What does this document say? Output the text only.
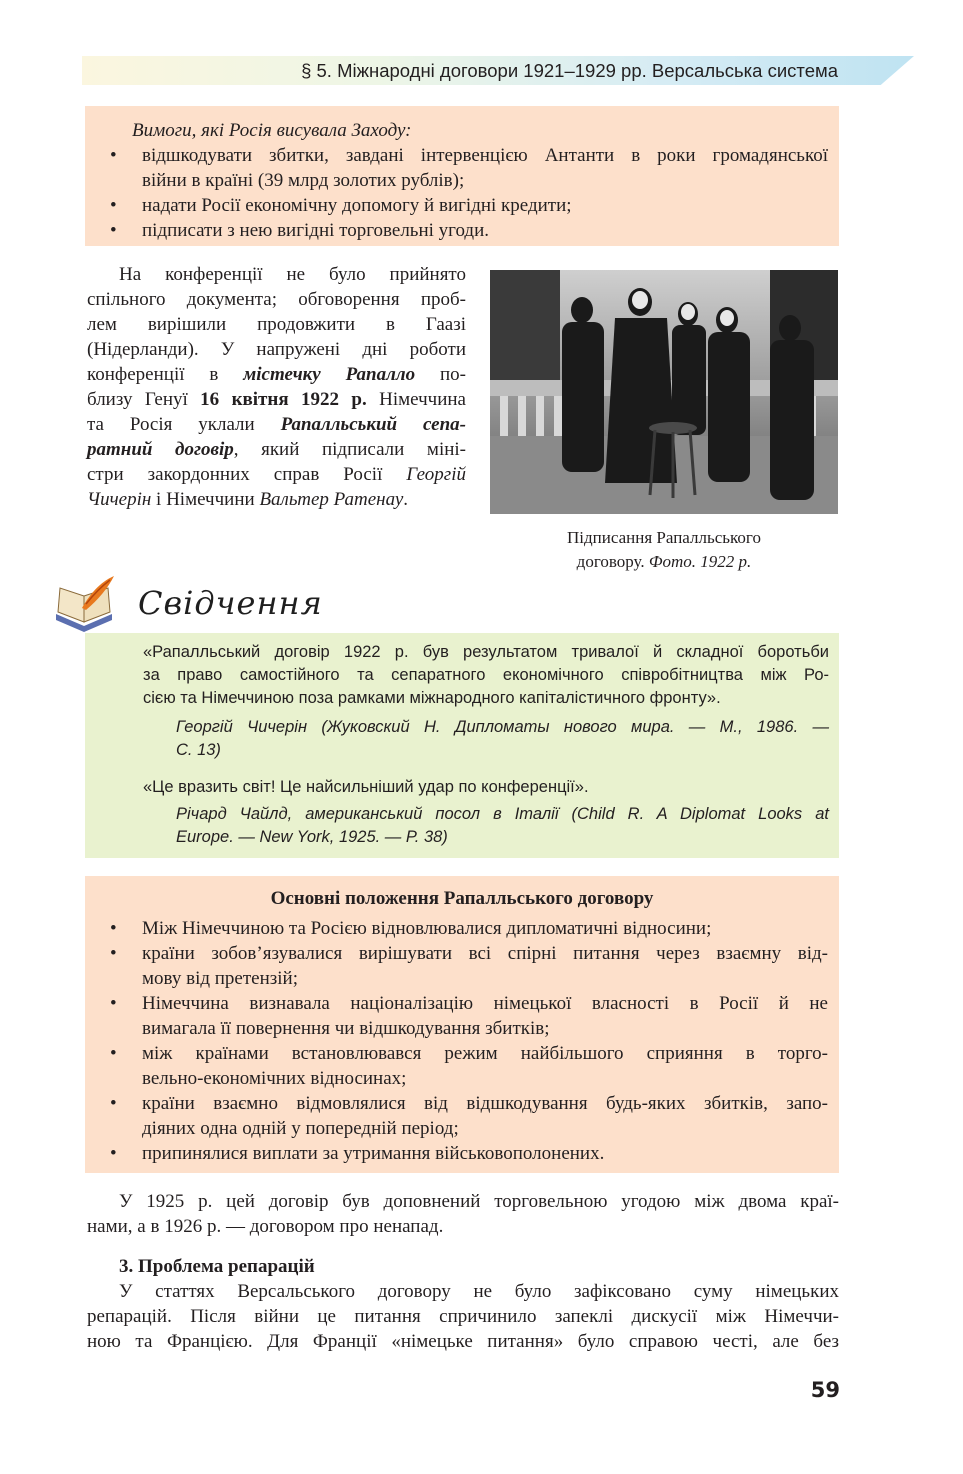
§ 5. Міжнародні договори 1921–1929 рр. Версальська система
Вимоги, які Росія висувала Заходу:
• відшкодувати збитки, завдані інтервенцією Антанти в роки громадянської
війни в країні (39 млрд золотих рублів);
• надати Росії економічну допомогу й вигідні кредити;
• підписати з нею вигідні торговельні угоди.
На конференції не було прийнято
спільного документа; обговорення проб-
лем вирішили продовжити в Гаазі
(Нідерланди). У напружені дні роботи
конференції в містечку Рапалло по-
близу Генуї 16 квітня 1922 р. Німеччина
та Росія уклали Рапалльський сепа-
ратний договір, який підписали міні-
стри закордонних справ Росії Георгій
Чичерін і Німеччини Вальтер Ратенау.
Підписання Рапалльського
договору. Фото. 1922 р.
Свідчення
«Рапалльський договір 1922 р. був результатом тривалої й складної боротьби
за право самостійного та сепаратного економічного співробітництва між Ро-
сією та Німеччиною поза рамками міжнародного капіталістичного фронту».
Георгій Чичерін (Жуковский Н. Дипломаты нового мира. — М., 1986. —
С. 13)
«Це вразить світ! Це найсильніший удар по конференції».
Річард Чайлд, американський посол в Італії (Child R. A Diplomat Looks at
Europe. — New York, 1925. — P. 38)
Основні положення Рапалльського договору
• Між Німеччиною та Росією відновлювалися дипломатичні відносини;
• країни зобов’язувалися вирішувати всі спірні питання через взаємну від-
мову від претензій;
• Німеччина визнавала націоналізацію німецької власності в Росії й не
вимагала її повернення чи відшкодування збитків;
• між країнами встановлювався режим найбільшого сприяння в торго-
вельно-економічних відносинах;
• країни взаємно відмовлялися від відшкодування будь-яких збитків, запо-
діяних одна одній у попередній період;
• припинялися виплати за утримання військовополонених.
У 1925 р. цей договір був доповнений торговельною угодою між двома краї-
нами, а в 1926 р. — договором про ненапад.
3. Проблема репарацій
У статтях Версальського договору не було зафіксовано суму німецьких
репарацій. Після війни це питання спричинило запеклі дискусії між Німеччи-
ною та Францією. Для Франції «німецьке питання» було справою честі, але без
59
